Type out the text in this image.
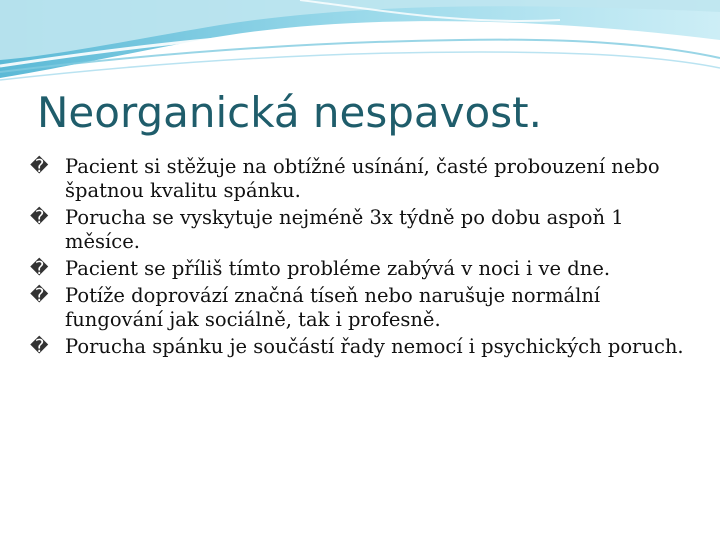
Neorganická nespavost.
� Pacient si stěžuje na obtížné usínání, časté probouzení nebo špatnou kvalitu spánku.
� Porucha se vyskytuje nejméně 3x týdně po dobu aspoň 1 měsíce.
� Pacient se příliš tímto probléme zabývá v noci i ve dne.
� Potíže doprovází značná tíseň nebo narušuje normální fungování jak sociálně, tak i profesně.
� Porucha spánku je součástí řady nemocí i psychických poruch.
